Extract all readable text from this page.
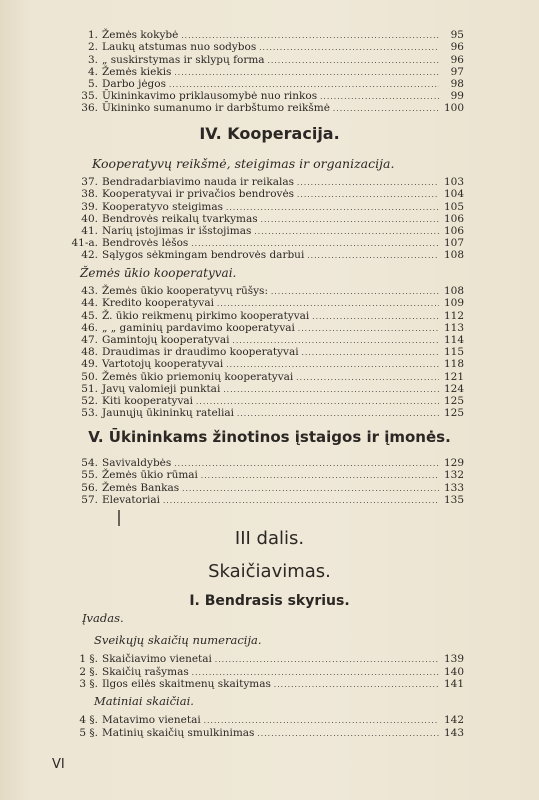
1. Žemės kokybė . . .	95
2. Laukų atstumas nuo sodybos . . .	96
3. „ suskirstymas ir sklypų forma . . .	96
4. Žemės kiekis . . .	97
5. Darbo jėgos . . .	98
35. Ūkininkavimo priklausomybė nuo rinkos . . .	99
36. Ūkininko sumanumo ir darbštumo reikšmė . . .	100
IV. Kooperacija.
Kooperatyvų reikšmė, steigimas ir organizacija.
37. Bendradarbiavimo nauda ir reikalas . . .	103
38. Kooperatyvai ir privačios bendrovės . . .	104
39. Kooperatyvo steigimas . . .	105
40. Bendrovės reikalų tvarkymas . . .	106
41. Narių įstojimas ir išstojimas . . .	106
41-a. Bendrovės lėšos . . .	107
42. Sąlygos sėkmingam bendrovės darbui . . .	108
Žemės ūkio kooperatyvai.
43. Žemės ūkio kooperatyvų rūšys: . . .	108
44. Kredito kooperatyvai . . .	109
45. Ž. ūkio reikmenų pirkimo kooperatyvai . . .	112
46. „ „ gaminių pardavimo kooperatyvai . . .	113
47. Gamintojų kooperatyvai . . .	114
48. Draudimas ir draudimo kooperatyvai . . .	115
49. Vartotojų kooperatyvai . . .	118
50. Žemės ūkio priemonių kooperatyvai . . .	121
51. Javų valomieji punktai . . .	124
52. Kiti kooperatyvai . . .	125
53. Jaunųjų ūkininkų rateliai . . .	125
V. Ūkininkams žinotinos įstaigos ir įmonės.
54. Savivaldybės . . .	129
55. Žemės ūkio rūmai . . .	132
56. Žemės Bankas . . .	133
57. Elevatoriai . . .	135
III dalis.
Skaičiavimas.
I. Bendrasis skyrius.
Įvadas.
Sveikųjų skaičių numeracija.
1 §. Skaičiavimo vienetai . . .	139
2 §. Skaičių rašymas . . .	140
3 §. Ilgos eilės skaitmenų skaitymas . . .	141
Matiniai skaičiai.
4 §. Matavimo vienetai . . .	142
5 §. Matinių skaičių smulkinimas . . .	143
VI
